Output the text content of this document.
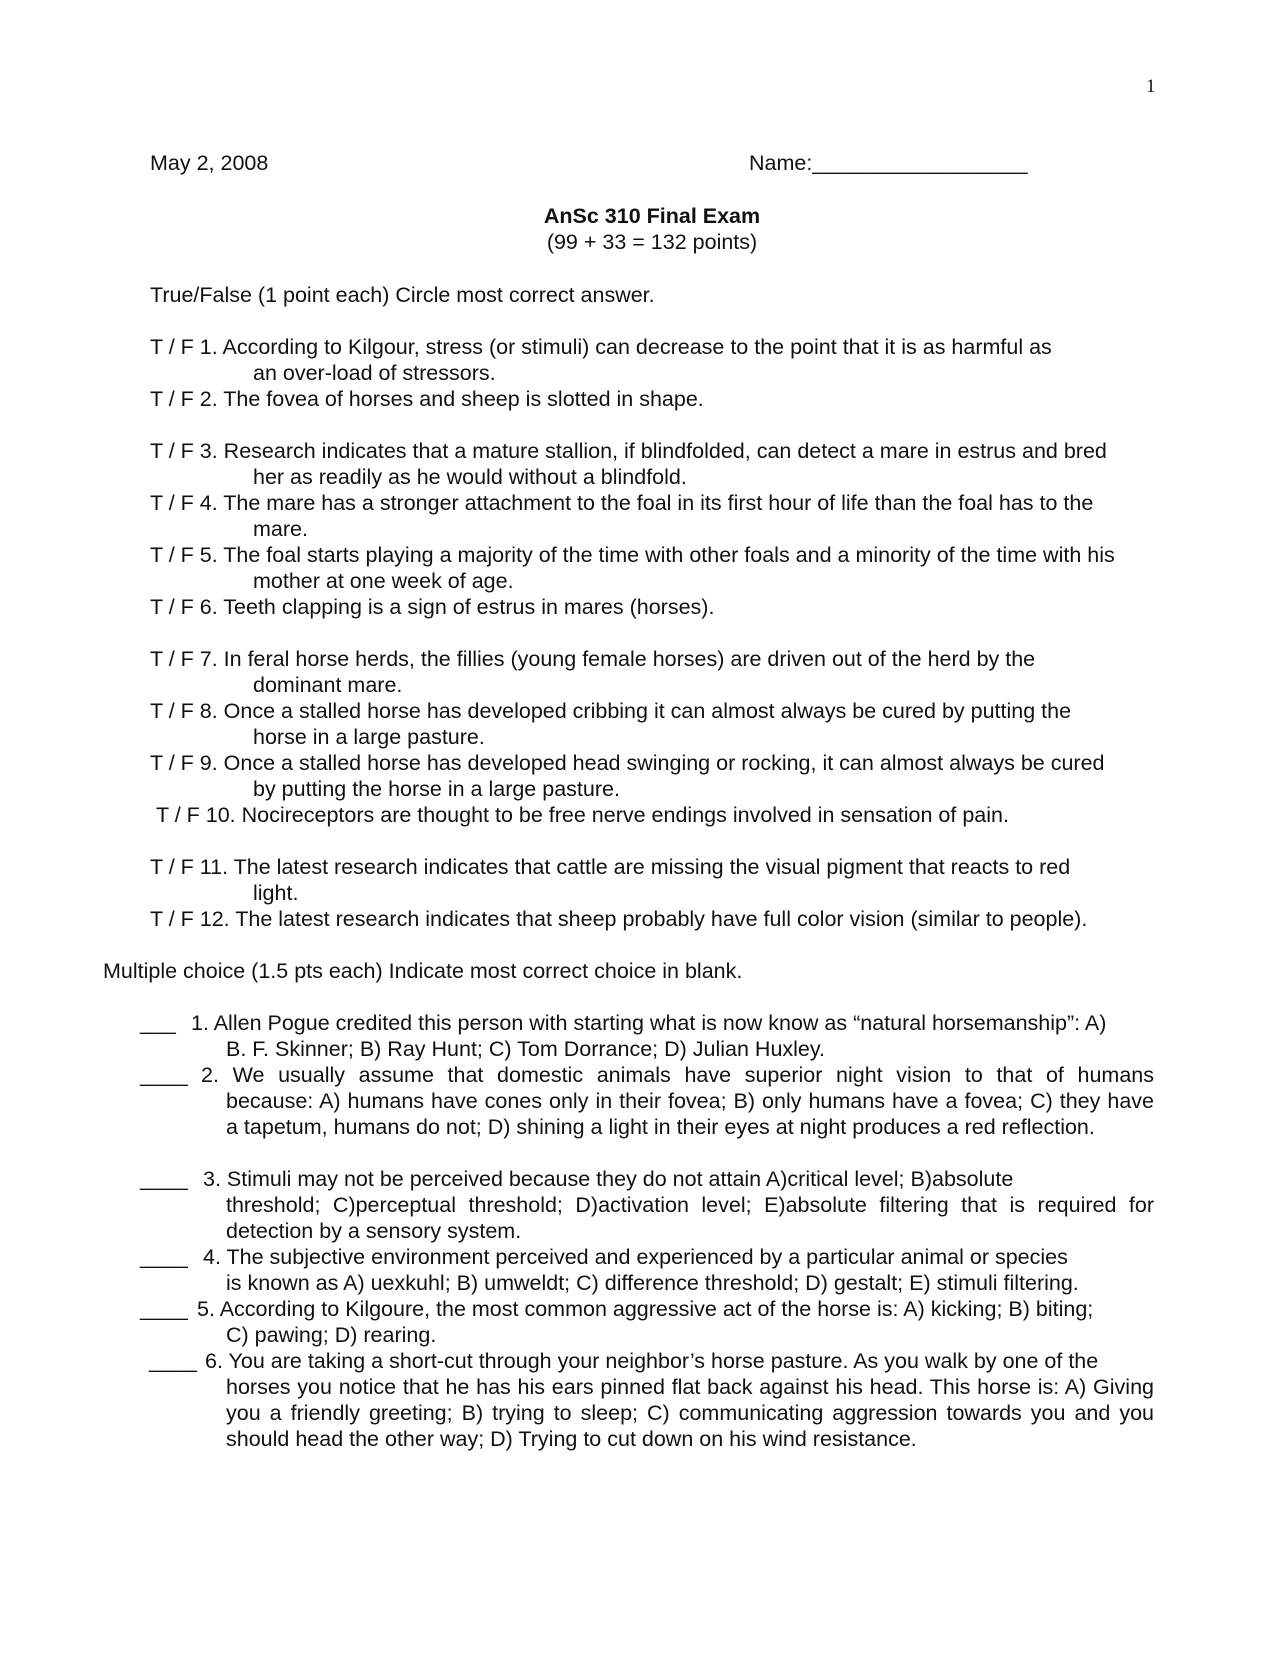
1
May 2, 2008	Name:__________________
AnSc 310 Final Exam
(99 + 33 = 132 points)
True/False (1 point each) Circle most correct answer.
T / F 1. According to Kilgour, stress (or stimuli) can decrease to the point that it is as harmful as
an over-load of stressors.
T / F 2. The fovea of horses and sheep is slotted in shape.
T / F 3. Research indicates that a mature stallion, if blindfolded, can detect a mare in estrus and bred
her as readily as he would without a blindfold.
T / F 4. The mare has a stronger attachment to the foal in its first hour of life than the foal has to the
mare.
T / F 5. The foal starts playing a majority of the time with other foals and a minority of the time with his
mother at one week of age.
T / F 6. Teeth clapping is a sign of estrus in mares (horses).
T / F 7. In feral horse herds, the fillies (young female horses) are driven out of the herd by the
dominant mare.
T / F 8. Once a stalled horse has developed cribbing it can almost always be cured by putting the
horse in a large pasture.
T / F 9. Once a stalled horse has developed head swinging or rocking, it can almost always be cured
by putting the horse in a large pasture.
T / F 10. Nocireceptors are thought to be free nerve endings involved in sensation of pain.
T / F 11. The latest research indicates that cattle are missing the visual pigment that reacts to red
light.
T / F 12. The latest research indicates that sheep probably have full color vision (similar to people).
Multiple choice (1.5 pts each) Indicate most correct choice in blank.
___ 1. Allen Pogue credited this person with starting what is now know as “natural horsemanship”: A)
B. F. Skinner; B) Ray Hunt; C) Tom Dorrance; D) Julian Huxley.
____ 2. We usually assume that domestic animals have superior night vision to that of humans
because: A) humans have cones only in their fovea; B) only humans have a fovea; C) they have a tapetum, humans do not; D) shining a light in their eyes at night produces a red reflection.
____ 3. Stimuli may not be perceived because they do not attain A)critical level; B)absolute
threshold; C)perceptual threshold; D)activation level; E)absolute filtering that is required for detection by a sensory system.
____ 4. The subjective environment perceived and experienced by a particular animal or species
is known as A) uexkuhl; B) umweldt; C) difference threshold; D) gestalt; E) stimuli filtering.
____ 5. According to Kilgoure, the most common aggressive act of the horse is: A) kicking; B) biting;
C) pawing; D) rearing.
____ 6. You are taking a short-cut through your neighbor’s horse pasture. As you walk by one of the
horses you notice that he has his ears pinned flat back against his head. This horse is: A) Giving you a friendly greeting; B) trying to sleep; C) communicating aggression towards you and you should head the other way; D) Trying to cut down on his wind resistance.
